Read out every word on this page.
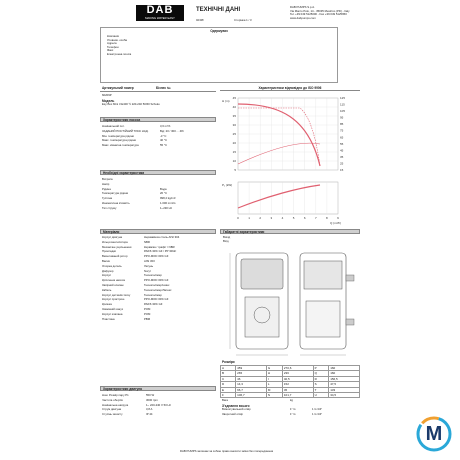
DAB
MAKING WATER EASY
ТЕХНІЧНІ ДАНІ
02/08/	Сторінка 1 / 3
DAB PUMPS S.p.A.
Via Marco Polo, 14 - 35035 Mestrino (PD) - Italy
Tel. +39 049 5125000 - Fax +39 049 5125950
www.dabpumps.com
Одержувач
Компанія
Уповнов. особа
Адреса
Телефон
Факс
Електронна пошта
Артикульний номер	Бізнес №
60209P
Модель
Esy Box Mini 3 E400 ½ 220-240 50/60 Schuko
Характеристики насоса
Номінальний пот.	3,6 m³/h
ЗАДАНИЙ ПОСТІЙНИЙ ТИСК НАД.	Від: 20 / 300 ... 48 і
Мін. температура рідини	-3 °C
Макс. температура рідини	40 °C
Макс. кімнатна температура	55 °C
Необхідні характеристики
Витрата
Напір
Рідина	Вода
Температура рідини	20 °C
Густина	998,2 kg/m3
Кінематична в'язкість	1.000 mm²/s
Тип струму	1~230 Hz
Характеристики відповідно до ISO 9906
0	1	2	3	4	5	6	7	8	9
45
40
35
30
25
20
15
10
5
125
115
105
95
85
75
65
55
45
35
25
15
H (m)
P₁ (kW)
Q (m³/h)
Матеріали
Корпус двигуна	Нержавіюча сталь AISI 304
Кільця вентилятора	NBR
Механічне ущільнення	Кераміка / графіт / NBR
Прокладки	PA6/6 30% GF / PP 30GF
Вмонтований ротор	PPO-MOD 30% GF
Валик	AISI 303
Опорна деталь	Латунь
Дифузор	Noryl
Корпус	Технополімер
Кріплення насоса	PPO-MOD 30% GF
Запірний клапан	Технополімер/Latex
Кабель	Технополімер/Латекс
Корпус датчиків тиску	Технополімер
Корпус пристрою	PPO-MOD 30% GF
Кришка	PA6/6 30% GF
Зовнішній кожух	POM
Корпус клапана	POM
Пластина	PBM
Габаритні характеристики
Вихід
Вхід
Розміри
A	459	G	270,6	P	160
B	265	H	236	Q	160
C	46	I	40,5	R	156,5
D	14,3	L	152	S	47,5
E	66,7	M	45	T	133
F	106,7	N	101,7	U	34,5
Вага	kg
З'єднання всього
Всмоктувальний отвір	1" G	1 G 3/4"
Зворотний отвір	1" G	1 G 3/4"
Характеристики двигуна
Ном. Розмір пару P1	550 W
Частота обертів	3000 rpm
Номінальна напруга	1~ 220-240 V 50 Hz
Струм двигуна	3,8 A
Ступінь захисту	IP 44
DAB PUMPS залишає за собою право вносити зміни без попередження
M
